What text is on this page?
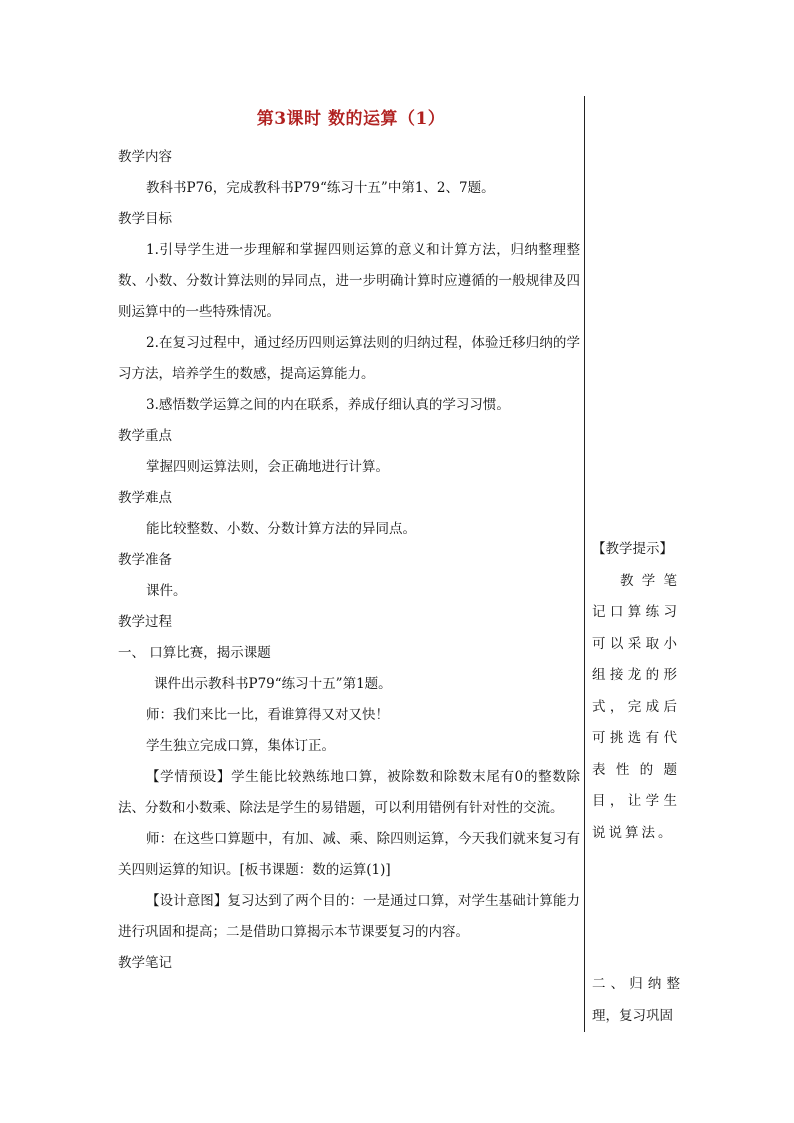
第3课时 数的运算（1）

教学内容

教科书P76，完成教科书P79“练习十五”中第1、2、7题。

教学目标

1.引导学生进一步理解和掌握四则运算的意义和计算方法，归纳整理整数、小数、分数计算法则的异同点，进一步明确计算时应遵循的一般规律及四则运算中的一些特殊情况。

2.在复习过程中，通过经历四则运算法则的归纳过程，体验迁移归纳的学习方法，培养学生的数感，提高运算能力。

3.感悟数学运算之间的内在联系，养成仔细认真的学习习惯。

教学重点

掌握四则运算法则，会正确地进行计算。

教学难点

能比较整数、小数、分数计算方法的异同点。

教学准备

课件。

教学过程

一、 口算比赛，揭示课题

课件出示教科书P79“练习十五”第1题。

师：我们来比一比，看谁算得又对又快！

学生独立完成口算，集体订正。

【学情预设】学生能比较熟练地口算，被除数和除数末尾有0的整数除法、分数和小数乘、除法是学生的易错题，可以利用错例有针对性的交流。

师：在这些口算题中，有加、减、乘、除四则运算，今天我们就来复习有关四则运算的知识。[板书课题：数的运算(1)]

【设计意图】复习达到了两个目的：一是通过口算，对学生基础计算能力进行巩固和提高；二是借助口算揭示本节课要复习的内容。

教学笔记

【教学提示】

教学笔记口算练习可以采取小组接龙的形式，完成后可挑选有代表性的题目，让学生说说算法。

二、归纳整理，复习巩固
